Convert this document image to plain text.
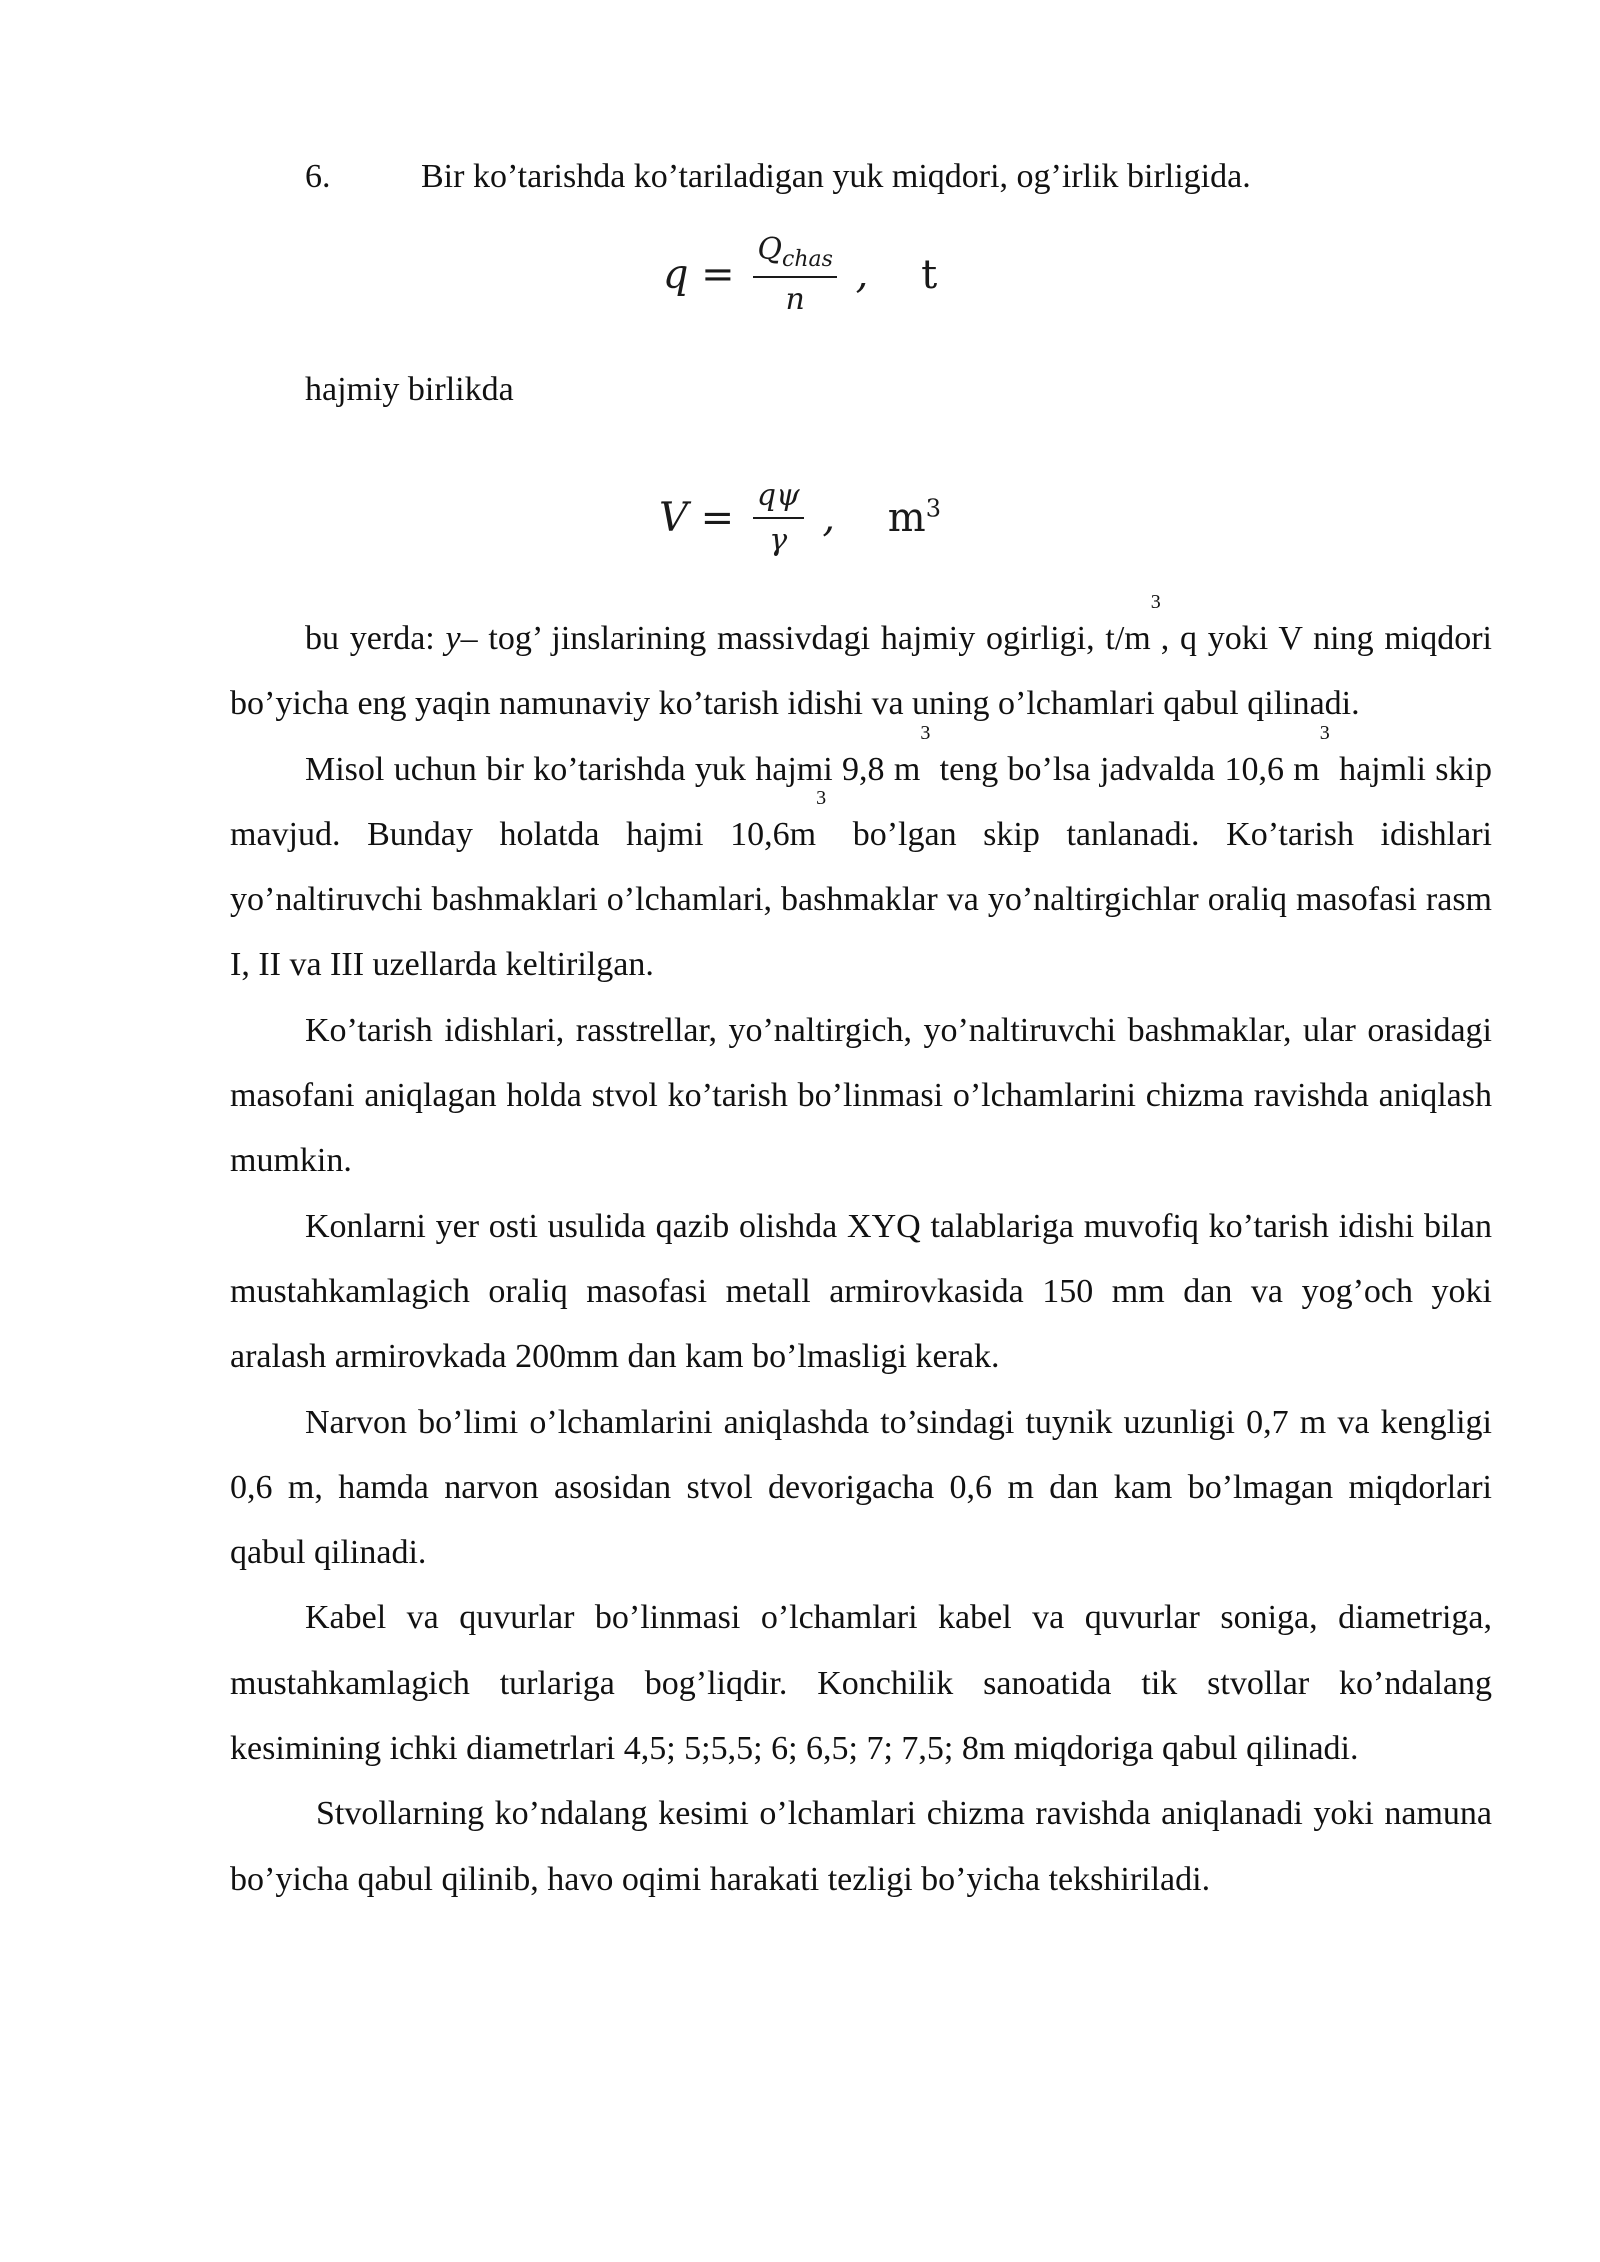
6.	Bir ko’tarishda ko’tariladigan yuk miqdori, og’irlik birligida.
$q = \frac{Q_{chas}}{n}$ , t
hajmiy birlikda
$V = \frac{q\psi}{\gamma}$ , $m^3$

bu yerda: y– tog’ jinslarining massivdagi hajmiy ogirligi, $t/m^3$, q yoki V ning miqdori bo’yicha eng yaqin namunaviy ko’tarish idishi va uning o’lchamlari qabul qilinadi.

Misol uchun bir ko’tarishda yuk hajmi 9,8 $m^3$ teng bo’lsa jadvalda 10,6 $m^3$ hajmli skip mavjud. Bunday holatda hajmi $10,6m^3$ bo’lgan skip tanlanadi. Ko’tarish idishlari yo’naltiruvchi bashmaklari o’lchamlari, bashmaklar va yo’naltirgichlar oraliq masofasi rasm I, II va III uzellarda keltirilgan.

Ko’tarish idishlari, rasstrellar, yo’naltirgich, yo’naltiruvchi bashmaklar, ular orasidagi masofani aniqlagan holda stvol ko’tarish bo’linmasi o’lchamlarini chizma ravishda aniqlash mumkin.

Konlarni yer osti usulida qazib olishda XYQ talablariga muvofiq ko’tarish idishi bilan mustahkamlagich oraliq masofasi metall armirovkasida 150 mm dan va yog’och yoki aralash armirovkada 200mm dan kam bo’lmasligi kerak.

Narvon bo’limi o’lchamlarini aniqlashda to’sindagi tuynik uzunligi 0,7 m va kengligi 0,6 m, hamda narvon asosidan stvol devorigacha 0,6 m dan kam bo’lmagan miqdorlari qabul qilinadi.

Kabel va quvurlar bo’linmasi o’lchamlari kabel va quvurlar soniga, diametriga, mustahkamlagich turlariga bog’liqdir. Konchilik sanoatida tik stvollar ko’ndalang kesimining ichki diametrlari 4,5; 5;5,5; 6; 6,5; 7; 7,5; 8m miqdoriga qabul qilinadi.

Stvollarning ko’ndalang kesimi o’lchamlari chizma ravishda aniqlanadi yoki namuna bo’yicha qabul qilinib, havo oqimi harakati tezligi bo’yicha tekshiriladi.
